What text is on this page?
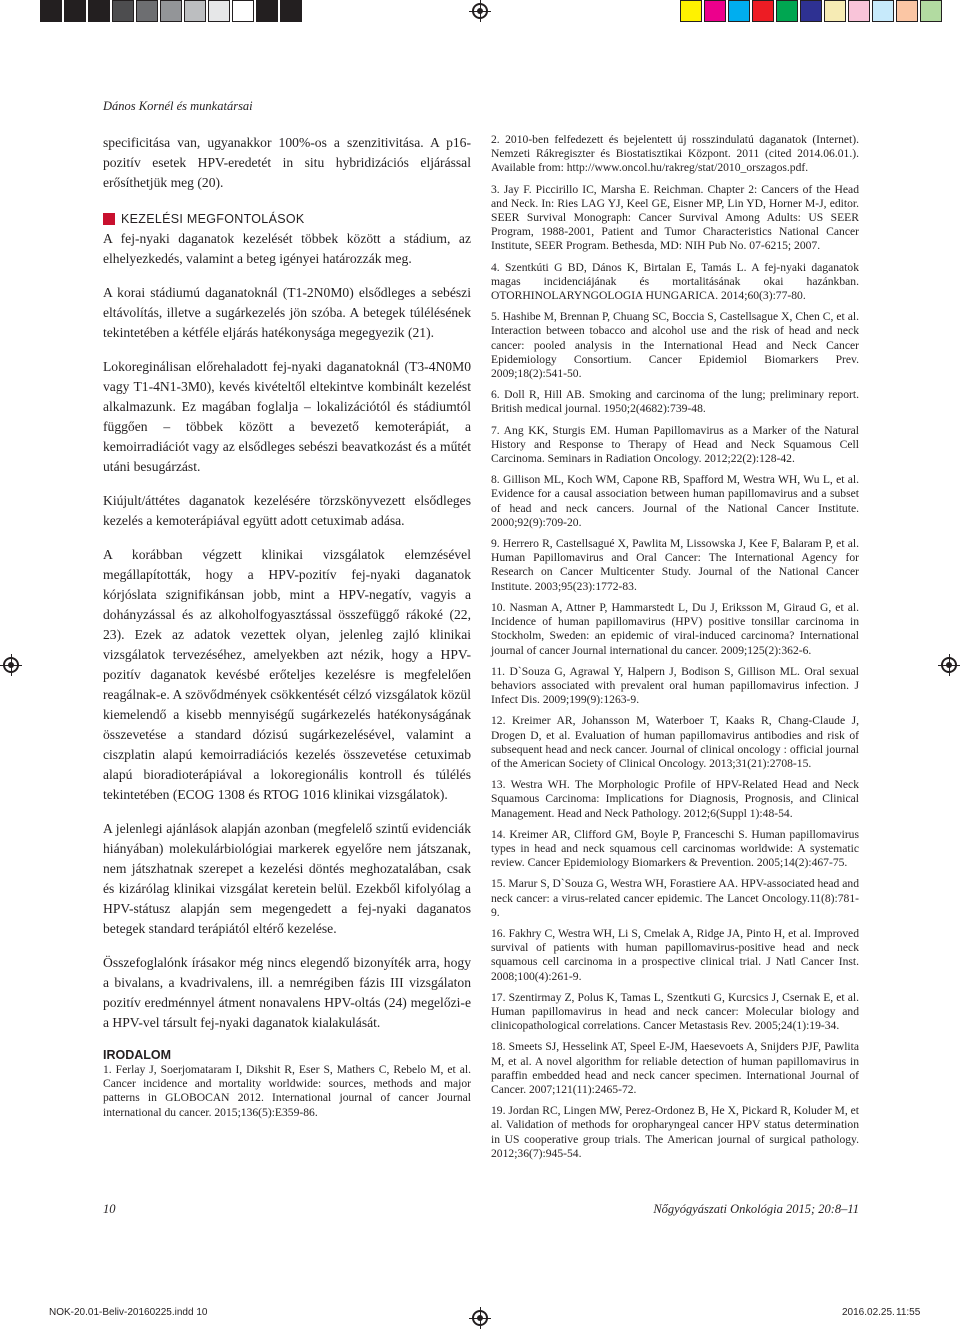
Dános Kornél és munkatársai

specificitása van, ugyanakkor 100%-os a szenzitivitása. A p16-pozitív esetek HPV-eredetét in situ hybridizációs eljárással erősíthetjük meg (20).

KEZELÉSI MEGFONTOLÁSOK

A fej-nyaki daganatok kezelését többek között a stádium, az elhelyezkedés, valamint a beteg igényei határozzák meg.

A korai stádiumú daganatoknál (T1-2N0M0) elsődleges a sebészi eltávolítás, illetve a sugárkezelés jön szóba. A betegek túlélésének tekintetében a kétféle eljárás hatékonysága megegyezik (21).

Lokoreginálisan előrehaladott fej-nyaki daganatoknál (T3-4N0M0 vagy T1-4N1-3M0), kevés kivételtől eltekintve kombinált kezelést alkalmazunk. Ez magában foglalja – lokalizációtól és stádiumtól függően – többek között a bevezető kemoterápiát, a kemoirradiációt vagy az elsődleges sebészi beavatkozást és a műtét utáni besugárzást.

Kiújult/áttétes daganatok kezelésére törzskönyvezett elsődleges kezelés a kemoterápiával együtt adott cetuximab adása.

A korábban végzett klinikai vizsgálatok elemzésével megállapították, hogy a HPV-pozitív fej-nyaki daganatok kórjóslata szignifikánsan jobb, mint a HPV-negatív, vagyis a dohányzással és az alkoholfogyasztással összefüggő rákoké (22, 23). Ezek az adatok vezettek olyan, jelenleg zajló klinikai vizsgálatok tervezéséhez, amelyekben azt nézik, hogy a HPV-pozitív daganatok kevésbé erőteljes kezelésre is megfelelően reagálnak-e. A szövődmények csökkentését célzó vizsgálatok közül kiemelendő a kisebb mennyiségű sugárkezelés hatékonyságának összevetése a standard dózisú sugárkezelésével, valamint a ciszplatin alapú kemoirradiációs kezelés összevetése cetuximab alapú bioradioterápiával a lokoregionális kontroll és túlélés tekintetében (ECOG 1308 és RTOG 1016 klinikai vizsgálatok).

A jelenlegi ajánlások alapján azonban (megfelelő szintű evidenciák hiányában) molekulárbiológiai markerek egyelőre nem játszanak, nem játszhatnak szerepet a kezelési döntés meghozatalában, csak és kizárólag klinikai vizsgálat keretein belül. Ezekből kifolyólag a HPV-státusz alapján sem megengedett a fej-nyaki daganatos betegek standard terápiától eltérő kezelése.

Összefoglalónk írásakor még nincs elegendő bizonyíték arra, hogy a bivalans, a kvadrivalens, ill. a nemrégiben fázis III vizsgálaton pozitív eredménnyel átment nonavalens HPV-oltás (24) megelőzi-e a HPV-vel társult fej-nyaki daganatok kialakulását.

IRODALOM

1. Ferlay J, Soerjomataram I, Dikshit R, Eser S, Mathers C, Rebelo M, et al. Cancer incidence and mortality worldwide: sources, methods and major patterns in GLOBOCAN 2012. International journal of cancer Journal international du cancer. 2015;136(5):E359-86.

2. 2010-ben felfedezett és bejelentett új rosszindulatú daganatok (Internet). Nemzeti Rákregiszter és Biostatisztikai Központ. 2011 (cited 2014.06.01.). Available from: http://www.oncol.hu/rakreg/stat/2010_orszagos.pdf.

3. Jay F. Piccirillo IC, Marsha E. Reichman. Chapter 2: Cancers of the Head and Neck. In: Ries LAG YJ, Keel GE, Eisner MP, Lin YD, Horner M-J, editor. SEER Survival Monograph: Cancer Survival Among Adults: US SEER Program, 1988-2001, Patient and Tumor Characteristics National Cancer Institute, SEER Program. Bethesda, MD: NIH Pub No. 07-6215; 2007.

4. Szentkúti G BD, Dános K, Birtalan E, Tamás L. A fej-nyaki daganatok magas incidenciájának és mortalitásának okai hazánkban. OTORHINOLARYNGOLOGIA HUNGARICA. 2014;60(3):77-80.

5. Hashibe M, Brennan P, Chuang SC, Boccia S, Castellsague X, Chen C, et al. Interaction between tobacco and alcohol use and the risk of head and neck cancer: pooled analysis in the International Head and Neck Cancer Epidemiology Consortium. Cancer Epidemiol Biomarkers Prev. 2009;18(2):541-50.

6. Doll R, Hill AB. Smoking and carcinoma of the lung; preliminary report. British medical journal. 1950;2(4682):739-48.

7. Ang KK, Sturgis EM. Human Papillomavirus as a Marker of the Natural History and Response to Therapy of Head and Neck Squamous Cell Carcinoma. Seminars in Radiation Oncology. 2012;22(2):128-42.

8. Gillison ML, Koch WM, Capone RB, Spafford M, Westra WH, Wu L, et al. Evidence for a causal association between human papillomavirus and a subset of head and neck cancers. Journal of the National Cancer Institute. 2000;92(9):709-20.

9. Herrero R, Castellsagué X, Pawlita M, Lissowska J, Kee F, Balaram P, et al. Human Papillomavirus and Oral Cancer: The International Agency for Research on Cancer Multicenter Study. Journal of the National Cancer Institute. 2003;95(23):1772-83.

10. Nasman A, Attner P, Hammarstedt L, Du J, Eriksson M, Giraud G, et al. Incidence of human papillomavirus (HPV) positive tonsillar carcinoma in Stockholm, Sweden: an epidemic of viral-induced carcinoma? International journal of cancer Journal international du cancer. 2009;125(2):362-6.

11. D`Souza G, Agrawal Y, Halpern J, Bodison S, Gillison ML. Oral sexual behaviors associated with prevalent oral human papillomavirus infection. J Infect Dis. 2009;199(9):1263-9.

12. Kreimer AR, Johansson M, Waterboer T, Kaaks R, Chang-Claude J, Drogen D, et al. Evaluation of human papillomavirus antibodies and risk of subsequent head and neck cancer. Journal of clinical oncology : official journal of the American Society of Clinical Oncology. 2013;31(21):2708-15.

13. Westra WH. The Morphologic Profile of HPV-Related Head and Neck Squamous Carcinoma: Implications for Diagnosis, Prognosis, and Clinical Management. Head and Neck Pathology. 2012;6(Suppl 1):48-54.

14. Kreimer AR, Clifford GM, Boyle P, Franceschi S. Human papillomavirus types in head and neck squamous cell carcinomas worldwide: A systematic review. Cancer Epidemiology Biomarkers & Prevention. 2005;14(2):467-75.

15. Marur S, D`Souza G, Westra WH, Forastiere AA. HPV-associated head and neck cancer: a virus-related cancer epidemic. The Lancet Oncology.11(8):781-9.

16. Fakhry C, Westra WH, Li S, Cmelak A, Ridge JA, Pinto H, et al. Improved survival of patients with human papillomavirus-positive head and neck squamous cell carcinoma in a prospective clinical trial. J Natl Cancer Inst. 2008;100(4):261-9.

17. Szentirmay Z, Polus K, Tamas L, Szentkuti G, Kurcsics J, Csernak E, et al. Human papillomavirus in head and neck cancer: Molecular biology and clinicopathological correlations. Cancer Metastasis Rev. 2005;24(1):19-34.

18. Smeets SJ, Hesselink AT, Speel E-JM, Haesevoets A, Snijders PJF, Pawlita M, et al. A novel algorithm for reliable detection of human papillomavirus in paraffin embedded head and neck cancer specimen. International Journal of Cancer. 2007;121(11):2465-72.

19. Jordan RC, Lingen MW, Perez-Ordonez B, He X, Pickard R, Koluder M, et al. Validation of methods for oropharyngeal cancer HPV status determination in US cooperative group trials. The American journal of surgical pathology. 2012;36(7):945-54.

10	Nőgyógyászati Onkológia 2015; 20:8–11
NOK-20.01-Beliv-20160225.indd 10	2016.02.25. 11:55
